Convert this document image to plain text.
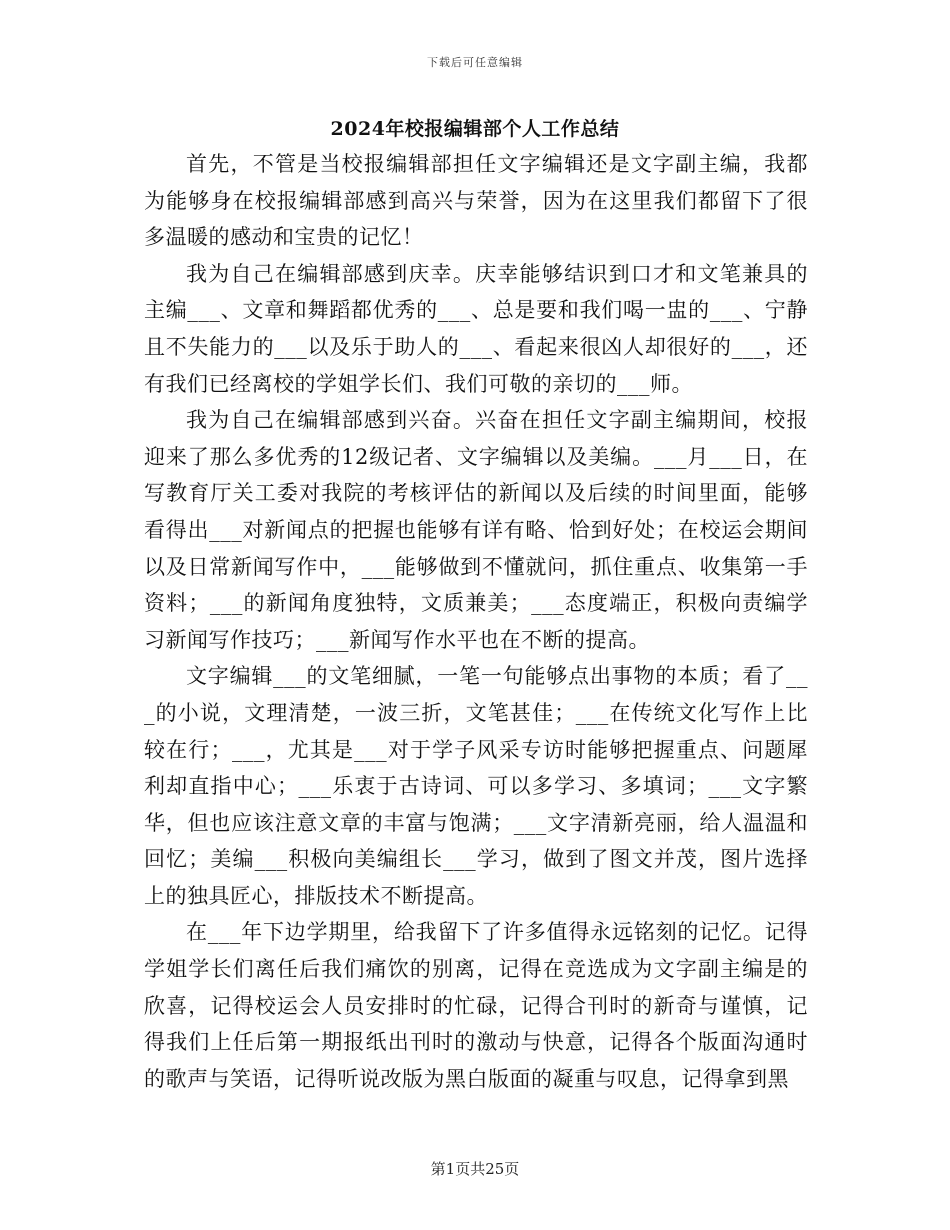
下载后可任意编辑
2024年校报编辑部个人工作总结

首先，不管是当校报编辑部担任文字编辑还是文字副主编，我都为能够身在校报编辑部感到高兴与荣誉，因为在这里我们都留下了很多温暖的感动和宝贵的记忆！

我为自己在编辑部感到庆幸。庆幸能够结识到口才和文笔兼具的主编___、文章和舞蹈都优秀的___、总是要和我们喝一盅的___、宁静且不失能力的___以及乐于助人的___、看起来很凶人却很好的___，还有我们已经离校的学姐学长们、我们可敬的亲切的___师。

我为自己在编辑部感到兴奋。兴奋在担任文字副主编期间，校报迎来了那么多优秀的12级记者、文字编辑以及美编。___月___日，在写教育厅关工委对我院的考核评估的新闻以及后续的时间里面，能够看得出___对新闻点的把握也能够有详有略、恰到好处；在校运会期间以及日常新闻写作中，___能够做到不懂就问，抓住重点、收集第一手资料；___的新闻角度独特，文质兼美；___态度端正，积极向责编学习新闻写作技巧；___新闻写作水平也在不断的提高。

文字编辑___的文笔细腻，一笔一句能够点出事物的本质；看了___的小说，文理清楚，一波三折，文笔甚佳；___在传统文化写作上比较在行；___，尤其是___对于学子风采专访时能够把握重点、问题犀利却直指中心；___乐衷于古诗词、可以多学习、多填词；___文字繁华，但也应该注意文章的丰富与饱满；___文字清新亮丽，给人温温和回忆；美编___积极向美编组长___学习，做到了图文并茂，图片选择上的独具匠心，排版技术不断提高。

在___年下边学期里，给我留下了许多值得永远铭刻的记忆。记得学姐学长们离任后我们痛饮的别离，记得在竞选成为文字副主编是的欣喜，记得校运会人员安排时的忙碌，记得合刊时的新奇与谨慎，记得我们上任后第一期报纸出刊时的激动与快意，记得各个版面沟通时的歌声与笑语，记得听说改版为黑白版面的凝重与叹息，记得拿到黑

第1页共25页
